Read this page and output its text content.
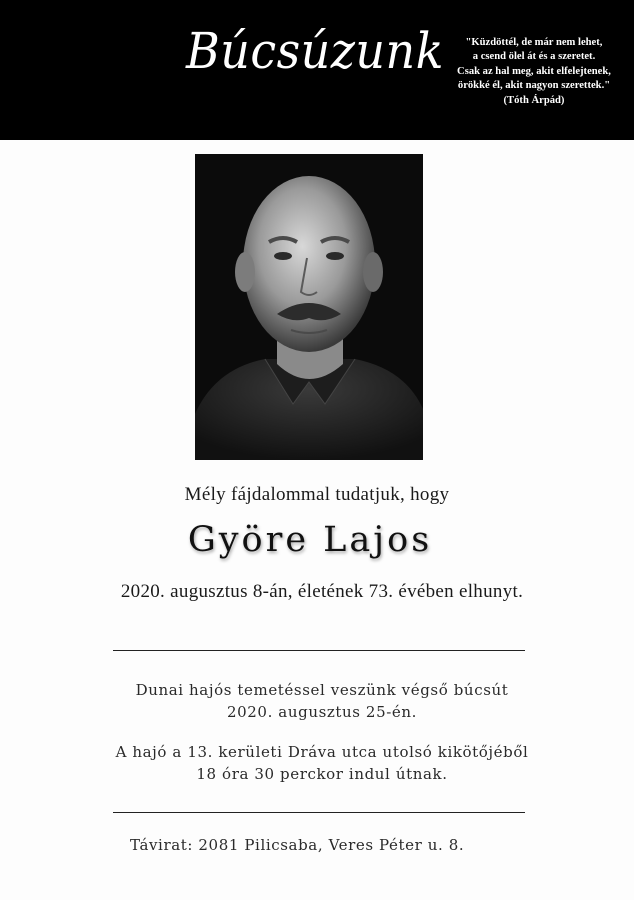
Búcsúzunk	"Küzdöttél, de már nem lehet,
a csend ölel át és a szeretet.
Csak az hal meg, akit elfelejtenek,
örökké él, akit nagyon szerettek."
(Tóth Árpád)
Mély fájdalommal tudatjuk, hogy
Györe Lajos
2020. augusztus 8-án, életének 73. évében elhunyt.

Dunai hajós temetéssel veszünk végső búcsút 2020. augusztus 25-én.

A hajó a 13. kerületi Dráva utca utolsó kikötőjéből 18 óra 30 perckor indul útnak.

Távirat: 2081 Pilicsaba, Veres Péter u. 8.
